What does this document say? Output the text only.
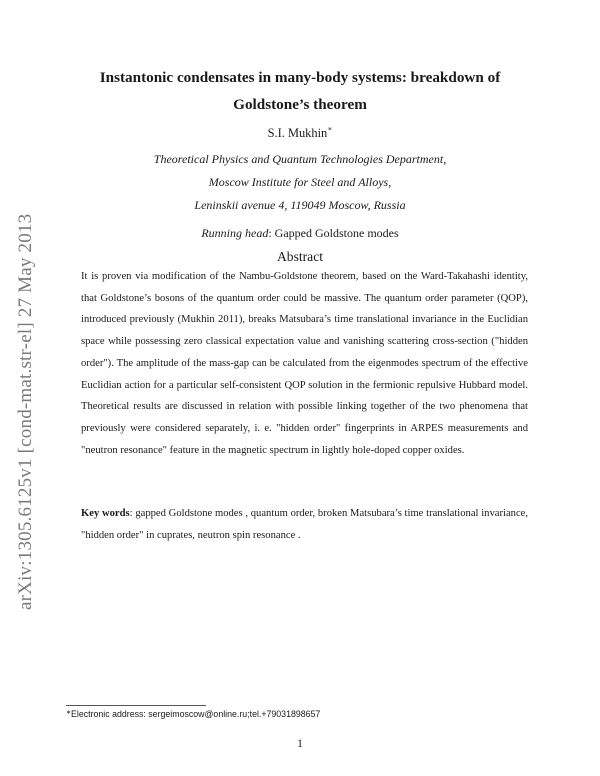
arXiv:1305.6125v1 [cond-mat.str-el] 27 May 2013
Instantonic condensates in many-body systems: breakdown of Goldstone’s theorem
S.I. Mukhin∗
Theoretical Physics and Quantum Technologies Department,
Moscow Institute for Steel and Alloys,
Leninskii avenue 4, 119049 Moscow, Russia
Running head: Gapped Goldstone modes
Abstract
It is proven via modification of the Nambu-Goldstone theorem, based on the Ward-Takahashi identity, that Goldstone’s bosons of the quantum order could be massive. The quantum order parameter (QOP), introduced previously (Mukhin 2011), breaks Matsubara’s time translational invariance in the Euclidian space while possessing zero classical expectation value and vanishing scattering cross-section ("hidden order"). The amplitude of the mass-gap can be calculated from the eigenmodes spectrum of the effective Euclidian action for a particular self-consistent QOP solution in the fermionic repulsive Hubbard model. Theoretical results are discussed in relation with possible linking together of the two phenomena that previously were considered separately, i. e. "hidden order" fingerprints in ARPES measurements and "neutron resonance" feature in the magnetic spectrum in lightly hole-doped copper oxides.
Key words: gapped Goldstone modes , quantum order, broken Matsubara’s time translational invariance, "hidden order" in cuprates, neutron spin resonance .
∗Electronic address: sergeimoscow@online.ru;tel.+79031898657
1
